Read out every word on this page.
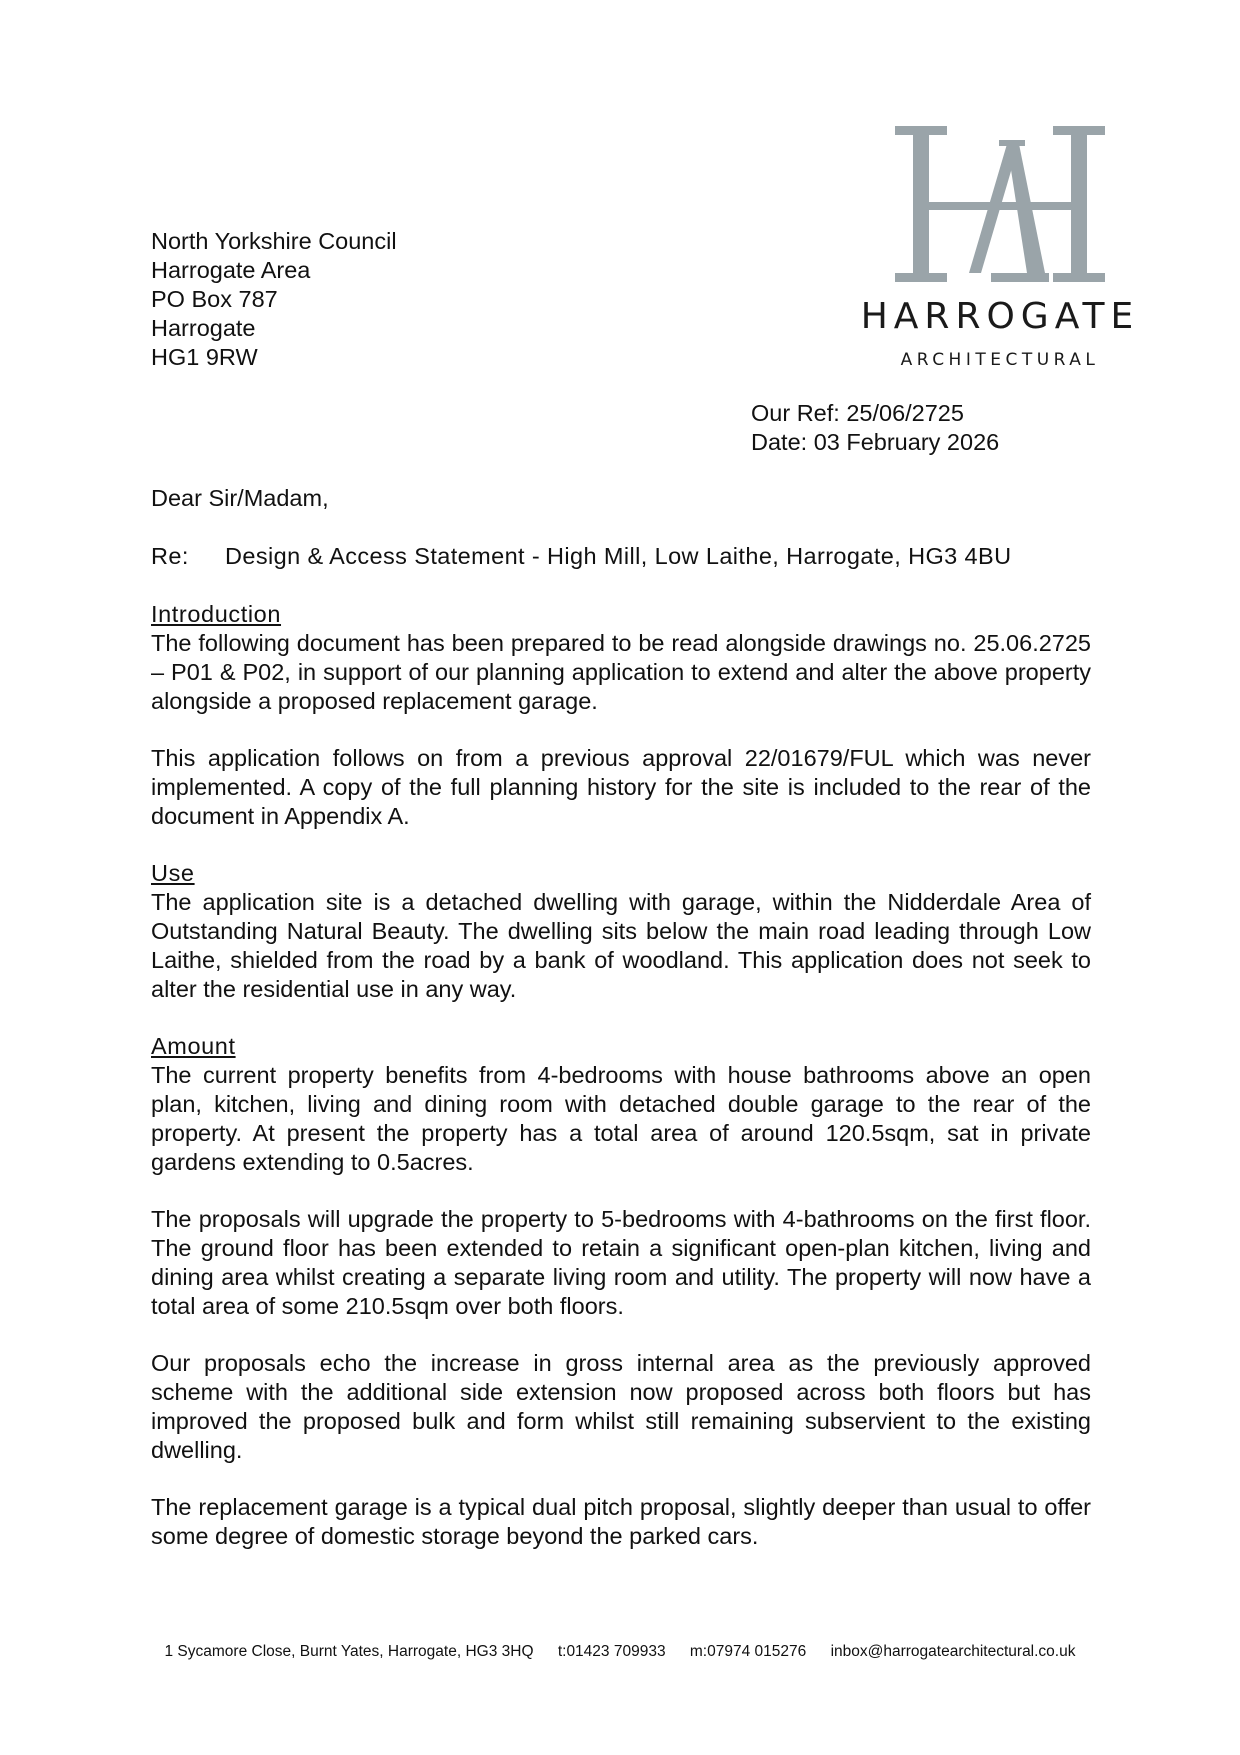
North Yorkshire Council
Harrogate Area
PO Box 787
Harrogate
HG1 9RW
HARROGATE
ARCHITECTURAL
Our Ref: 25/06/2725
Date: 03 February 2026
Dear Sir/Madam,
Re: Design & Access Statement - High Mill, Low Laithe, Harrogate, HG3 4BU
Introduction

The following document has been prepared to be read alongside drawings no. 25.06.2725 – P01 & P02, in support of our planning application to extend and alter the above property alongside a proposed replacement garage.

This application follows on from a previous approval 22/01679/FUL which was never implemented. A copy of the full planning history for the site is included to the rear of the document in Appendix A.

Use

The application site is a detached dwelling with garage, within the Nidderdale Area of Outstanding Natural Beauty. The dwelling sits below the main road leading through Low Laithe, shielded from the road by a bank of woodland. This application does not seek to alter the residential use in any way.

Amount

The current property benefits from 4-bedrooms with house bathrooms above an open plan, kitchen, living and dining room with detached double garage to the rear of the property. At present the property has a total area of around 120.5sqm, sat in private gardens extending to 0.5acres.

The proposals will upgrade the property to 5-bedrooms with 4-bathrooms on the first floor. The ground floor has been extended to retain a significant open-plan kitchen, living and dining area whilst creating a separate living room and utility. The property will now have a total area of some 210.5sqm over both floors.

Our proposals echo the increase in gross internal area as the previously approved scheme with the additional side extension now proposed across both floors but has improved the proposed bulk and form whilst still remaining subservient to the existing dwelling.

The replacement garage is a typical dual pitch proposal, slightly deeper than usual to offer some degree of domestic storage beyond the parked cars.

1 Sycamore Close, Burnt Yates, Harrogate, HG3 3HQ t:01423 709933 m:07974 015276 inbox@harrogatearchitectural.co.uk
